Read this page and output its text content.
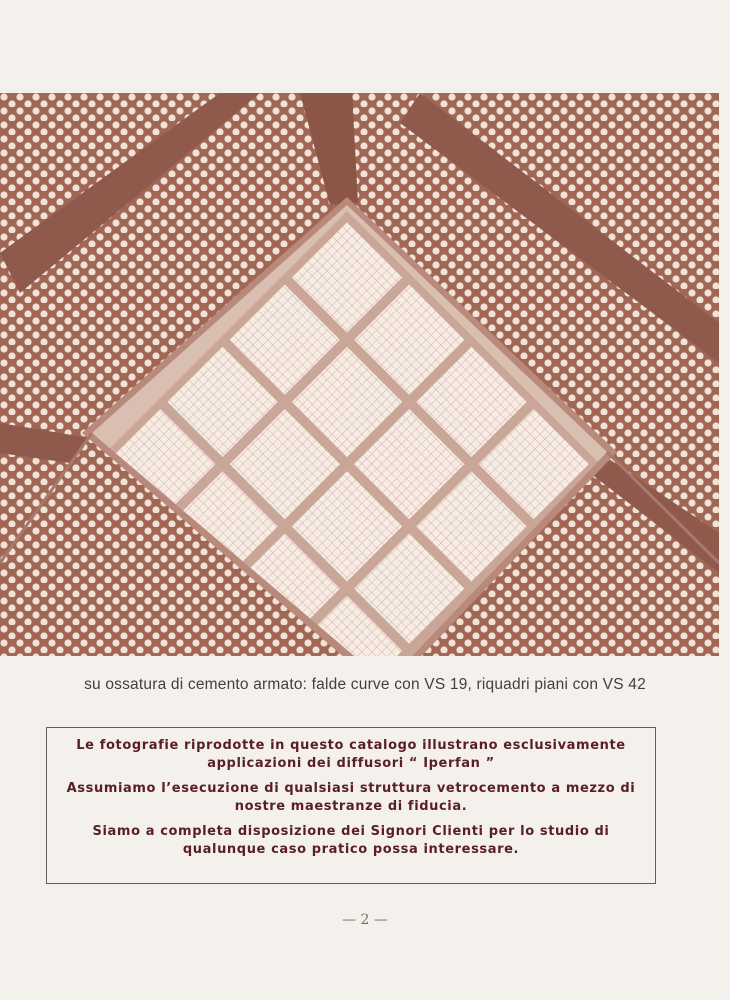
su ossatura di cemento armato: falde curve con VS 19, riquadri piani con VS 42

Le fotografie riprodotte in questo catalogo illustrano esclusivamente applicazioni dei diffusori “ Iperfan ”

Assumiamo l’esecuzione di qualsiasi struttura vetrocemento a mezzo di nostre maestranze di fiducia.

Siamo a completa disposizione dei Signori Clienti per lo studio di qualunque caso pratico possa interessare.

— 2 —
